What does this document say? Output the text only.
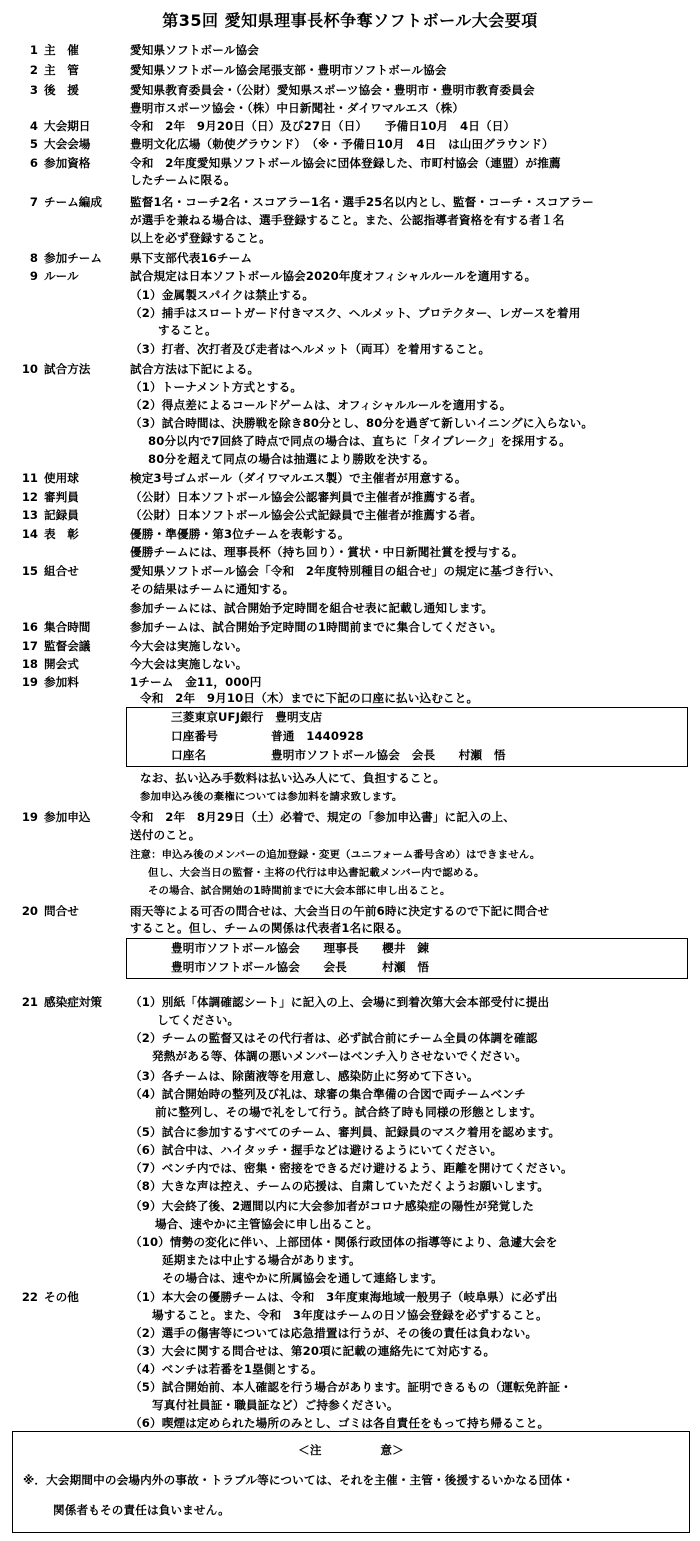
第35回 愛知県理事長杯争奪ソフトボール大会要項
1 主　催	愛知県ソフトボール協会
2 主　管	愛知県ソフトボール協会尾張支部・豊明市ソフトボール協会
3 後　援	愛知県教育委員会・（公財）愛知県スポーツ協会・豊明市・豊明市教育委員会
豊明市スポーツ協会・（株）中日新聞社・ダイワマルエス（株）
4 大会期日	令和　2年　9月20日（日）及び27日（日）　　予備日10月　4日（日）
5 大会会場	豊明文化広場（勅使グラウンド）　（※・予備日10月　4日　は山田グラウンド）
6 参加資格	令和　2年度愛知県ソフトボール協会に団体登録した、市町村協会（連盟）が推薦
したチームに限る。
7 チーム編成 監督1名・コーチ2名・スコアラー1名・選手25名以内とし、監督・コーチ・スコアラー
が選手を兼ねる場合は、選手登録すること。また、公認指導者資格を有する者１名
以上を必ず登録すること。
8 参加チーム 県下支部代表16チーム
9 ルール	試合規定は日本ソフトボール協会2020年度オフィシャルルールを適用する。
（1）金属製スパイクは禁止する。
（2）捕手はスロートガード付きマスク、ヘルメット、プロテクター、レガースを着用
すること。
（3）打者、次打者及び走者はヘルメット（両耳）を着用すること。
10 試合方法	試合方法は下記による。
（1）トーナメント方式とする。
（2）得点差によるコールドゲームは、オフィシャルルールを適用する。
（3）試合時間は、決勝戦を除き80分とし、80分を過ぎて新しいイニングに入らない。
80分以内で7回終了時点で同点の場合は、直ちに「タイブレーク」を採用する。
80分を超えて同点の場合は抽選により勝敗を決する。
11 使用球	検定3号ゴムボール（ダイワマルエス製）で主催者が用意する。
12 審判員	（公財）日本ソフトボール協会公認審判員で主催者が推薦する者。
13 記録員	（公財）日本ソフトボール協会公式記録員で主催者が推薦する者。
14 表　彰	優勝・準優勝・第3位チームを表彰する。
優勝チームには、理事長杯（持ち回り）・賞状・中日新聞社賞を授与する。
15 組合せ	愛知県ソフトボール協会「令和　2年度特別種目の組合せ」の規定に基づき行い、
その結果はチームに通知する。
参加チームには、試合開始予定時間を組合せ表に記載し通知します。
16 集合時間	参加チームは、試合開始予定時間の1時間前までに集合してください。
17 監督会議	今大会は実施しない。
18 開会式	今大会は実施しない。
19 参加料	1チーム　金11，000円
令和　2年　9月10日（木）までに下記の口座に払い込むこと。
19 参加申込	令和　2年　8月29日（土）必着で、規定の「参加申込書」に記入の上、
送付のこと。
注意：申込み後のメンバーの追加登録・変更（ユニフォーム番号含め）はできません。
但し、大会当日の監督・主将の代行は申込書記載メンバー内で認める。
その場合、試合開始の1時間前までに大会本部に申し出ること。
20 問合せ	雨天等による可否の問合せは、大会当日の午前6時に決定するので下記に問合せ
すること。但し、チームの関係は代表者1名に限る。
21 感染症対策 （1）別紙「体調確認シート」に記入の上、会場に到着次第大会本部受付に提出
してください。
（2）チームの監督又はその代行者は、必ず試合前にチーム全員の体調を確認
発熱がある等、体調の悪いメンバーはベンチ入りさせないでください。
（3）各チームは、除菌液等を用意し、感染防止に努めて下さい。
（4）試合開始時の整列及び礼は、球審の集合準備の合図で両チームベンチ
前に整列し、その場で礼をして行う。試合終了時も同様の形態とします。
（5）試合に参加するすべてのチーム、審判員、記録員のマスク着用を認めます。
（6）試合中は、ハイタッチ・握手などは避けるようにいてください。
（7）ベンチ内では、密集・密接をできるだけ避けるよう、距離を開けてください。
（8）大きな声は控え、チームの応援は、自粛していただくようお願いします。
（9）大会終了後、2週間以内に大会参加者がコロナ感染症の陽性が発覚した
場合、速やかに主管協会に申し出ること。
（10）情勢の変化に伴い、上部団体・関係行政団体の指導等により、急遽大会を
延期または中止する場合があります。
その場合は、速やかに所属協会を通して連絡します。
22 その他	（1）本大会の優勝チームは、令和　3年度東海地域一般男子（岐阜県）に必ず出
場すること。また、令和　3年度はチームの日ソ協会登録を必ずすること。
（2）選手の傷害等については応急措置は行うが、その後の責任は負わない。
（3）大会に関する問合せは、第20項に記載の連絡先にて対応する。
（4）ベンチは若番を1塁側とする。
（5）試合開始前、本人確認を行う場合があります。証明できるもの（運転免許証・
写真付社員証・職員証など）ご持参ください。
（6）喫煙は定められた場所のみとし、ゴミは各自責任をもって持ち帰ること。
三菱東京UFJ銀行　豊明支店
口座番号	普通　1440928
口座名	豊明市ソフトボール協会　会長　　村瀬　悟
なお、払い込み手数料は払い込み人にて、負担すること。
参加申込み後の棄権については参加料を請求致します。
豊明市ソフトボール協会　　理事長　　櫻井　錬
豊明市ソフトボール協会　　会長　　　村瀬　悟
＜注　　　　　意＞
※．大会期間中の会場内外の事故・トラブル等については、それを主催・主管・後援するいかなる団体・
関係者もその責任は負いません。
